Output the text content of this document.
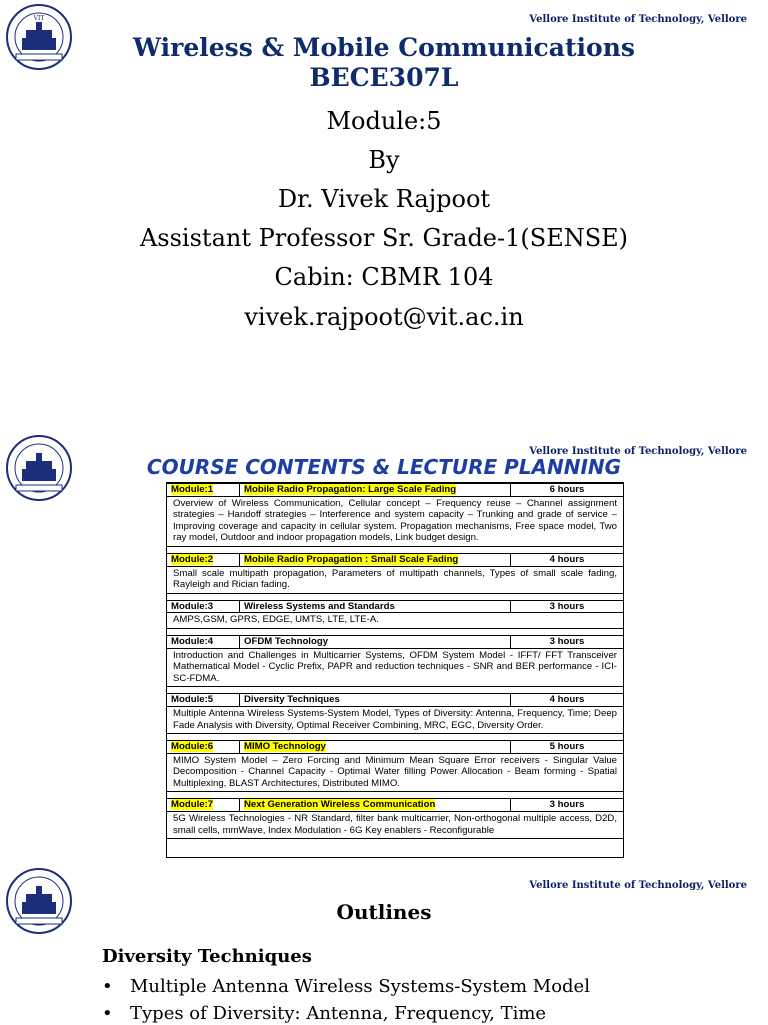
VIT	Vellore Institute of Technology, Vellore
Wireless & Mobile Communications
BECE307L
Module:5
By
Dr. Vivek Rajpoot
Assistant Professor Sr. Grade-1(SENSE)
Cabin: CBMR 104
vivek.rajpoot@vit.ac.in
Vellore Institute of Technology, Vellore
COURSE CONTENTS & LECTURE PLANNING
Module:1	Mobile Radio Propagation: Large Scale Fading	6 hours
Overview of Wireless Communication, Cellular concept – Frequency reuse – Channel assignment strategies – Handoff strategies – Interference and system capacity – Trunking and grade of service – Improving coverage and capacity in cellular system. Propagation mechanisms, Free space model, Two ray model, Outdoor and indoor propagation models, Link budget design.
Module:2	Mobile Radio Propagation : Small Scale Fading	4 hours
Small scale multipath propagation, Parameters of multipath channels, Types of small scale fading, Rayleigh and Rician fading.
Module:3	Wireless Systems and Standards	3 hours
AMPS,GSM, GPRS, EDGE, UMTS, LTE, LTE-A.
Module:4	OFDM Technology	3 hours
Introduction and Challenges in Multicarrier Systems, OFDM System Model - IFFT/ FFT Transceiver Mathematical Model - Cyclic Prefix, PAPR and reduction techniques - SNR and BER performance - ICI-SC-FDMA.
Module:5	Diversity Techniques	4 hours
Multiple Antenna Wireless Systems-System Model, Types of Diversity: Antenna, Frequency, Time; Deep Fade Analysis with Diversity, Optimal Receiver Combining, MRC, EGC, Diversity Order.
Module:6	MIMO Technology	5 hours
MIMO System Model – Zero Forcing and Minimum Mean Square Error receivers - Singular Value Decomposition - Channel Capacity - Optimal Water filling Power Allocation - Beam forming - Spatial Multiplexing, BLAST Architectures, Distributed MIMO.
Module:7	Next Generation Wireless Communication	3 hours
5G Wireless Technologies - NR Standard, filter bank multicarrier, Non-orthogonal multiple access, D2D, small cells, mmWave, Index Modulation - 6G Key enablers - Reconfigurable
Vellore Institute of Technology, Vellore
Outlines
Diversity Techniques
• Multiple Antenna Wireless Systems-System Model
• Types of Diversity: Antenna, Frequency, Time
